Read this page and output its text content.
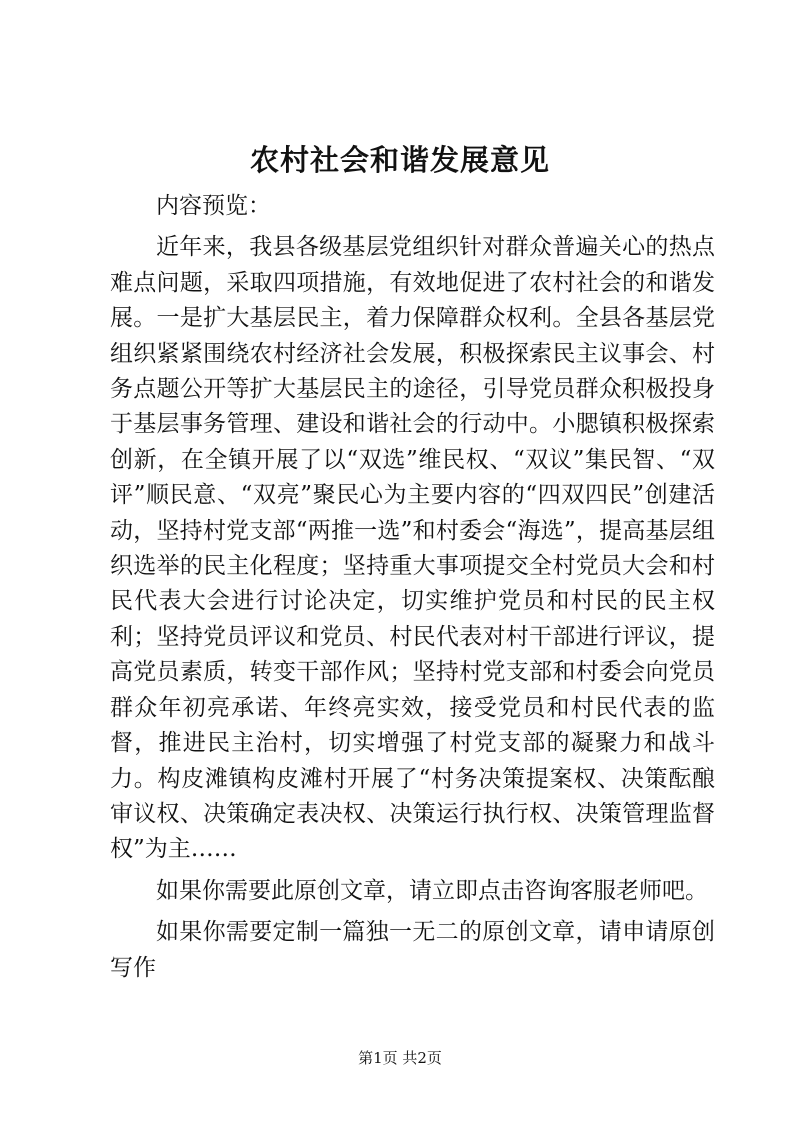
农村社会和谐发展意见

内容预览：

近年来，我县各级基层党组织针对群众普遍关心的热点难点问题，采取四项措施，有效地促进了农村社会的和谐发展。一是扩大基层民主，着力保障群众权利。全县各基层党组织紧紧围绕农村经济社会发展，积极探索民主议事会、村务点题公开等扩大基层民主的途径，引导党员群众积极投身于基层事务管理、建设和谐社会的行动中。小腮镇积极探索创新，在全镇开展了以“双选”维民权、“双议”集民智、“双评”顺民意、“双亮”聚民心为主要内容的“四双四民”创建活动，坚持村党支部“两推一选”和村委会“海选”，提高基层组织选举的民主化程度；坚持重大事项提交全村党员大会和村民代表大会进行讨论决定，切实维护党员和村民的民主权利；坚持党员评议和党员、村民代表对村干部进行评议，提高党员素质，转变干部作风；坚持村党支部和村委会向党员群众年初亮承诺、年终亮实效，接受党员和村民代表的监督，推进民主治村，切实增强了村党支部的凝聚力和战斗力。构皮滩镇构皮滩村开展了“村务决策提案权、决策酝酿审议权、决策确定表决权、决策运行执行权、决策管理监督权”为主……

如果你需要此原创文章，请立即点击咨询客服老师吧。

如果你需要定制一篇独一无二的原创文章，请申请原创写作

第1页 共2页
